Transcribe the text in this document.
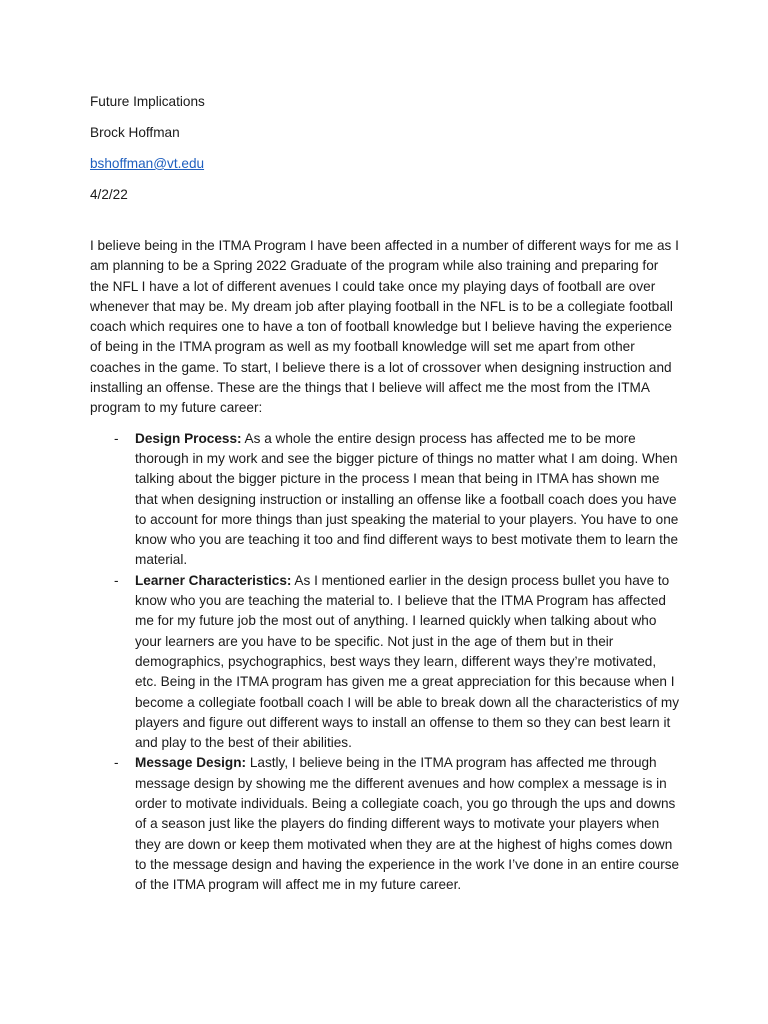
Future Implications
Brock Hoffman
bshoffman@vt.edu
4/2/22

I believe being in the ITMA Program I have been affected in a number of different ways for me as I am planning to be a Spring 2022 Graduate of the program while also training and preparing for the NFL I have a lot of different avenues I could take once my playing days of football are over whenever that may be. My dream job after playing football in the NFL is to be a collegiate football coach which requires one to have a ton of football knowledge but I believe having the experience of being in the ITMA program as well as my football knowledge will set me apart from other coaches in the game. To start, I believe there is a lot of crossover when designing instruction and installing an offense. These are the things that I believe will affect me the most from the ITMA program to my future career:

- Design Process: As a whole the entire design process has affected me to be more thorough in my work and see the bigger picture of things no matter what I am doing. When talking about the bigger picture in the process I mean that being in ITMA has shown me that when designing instruction or installing an offense like a football coach does you have to account for more things than just speaking the material to your players. You have to one know who you are teaching it too and find different ways to best motivate them to learn the material.
- Learner Characteristics: As I mentioned earlier in the design process bullet you have to know who you are teaching the material to. I believe that the ITMA Program has affected me for my future job the most out of anything. I learned quickly when talking about who your learners are you have to be specific. Not just in the age of them but in their demographics, psychographics, best ways they learn, different ways they’re motivated, etc. Being in the ITMA program has given me a great appreciation for this because when I become a collegiate football coach I will be able to break down all the characteristics of my players and figure out different ways to install an offense to them so they can best learn it and play to the best of their abilities.
- Message Design: Lastly, I believe being in the ITMA program has affected me through message design by showing me the different avenues and how complex a message is in order to motivate individuals. Being a collegiate coach, you go through the ups and downs of a season just like the players do finding different ways to motivate your players when they are down or keep them motivated when they are at the highest of highs comes down to the message design and having the experience in the work I’ve done in an entire course of the ITMA program will affect me in my future career.
